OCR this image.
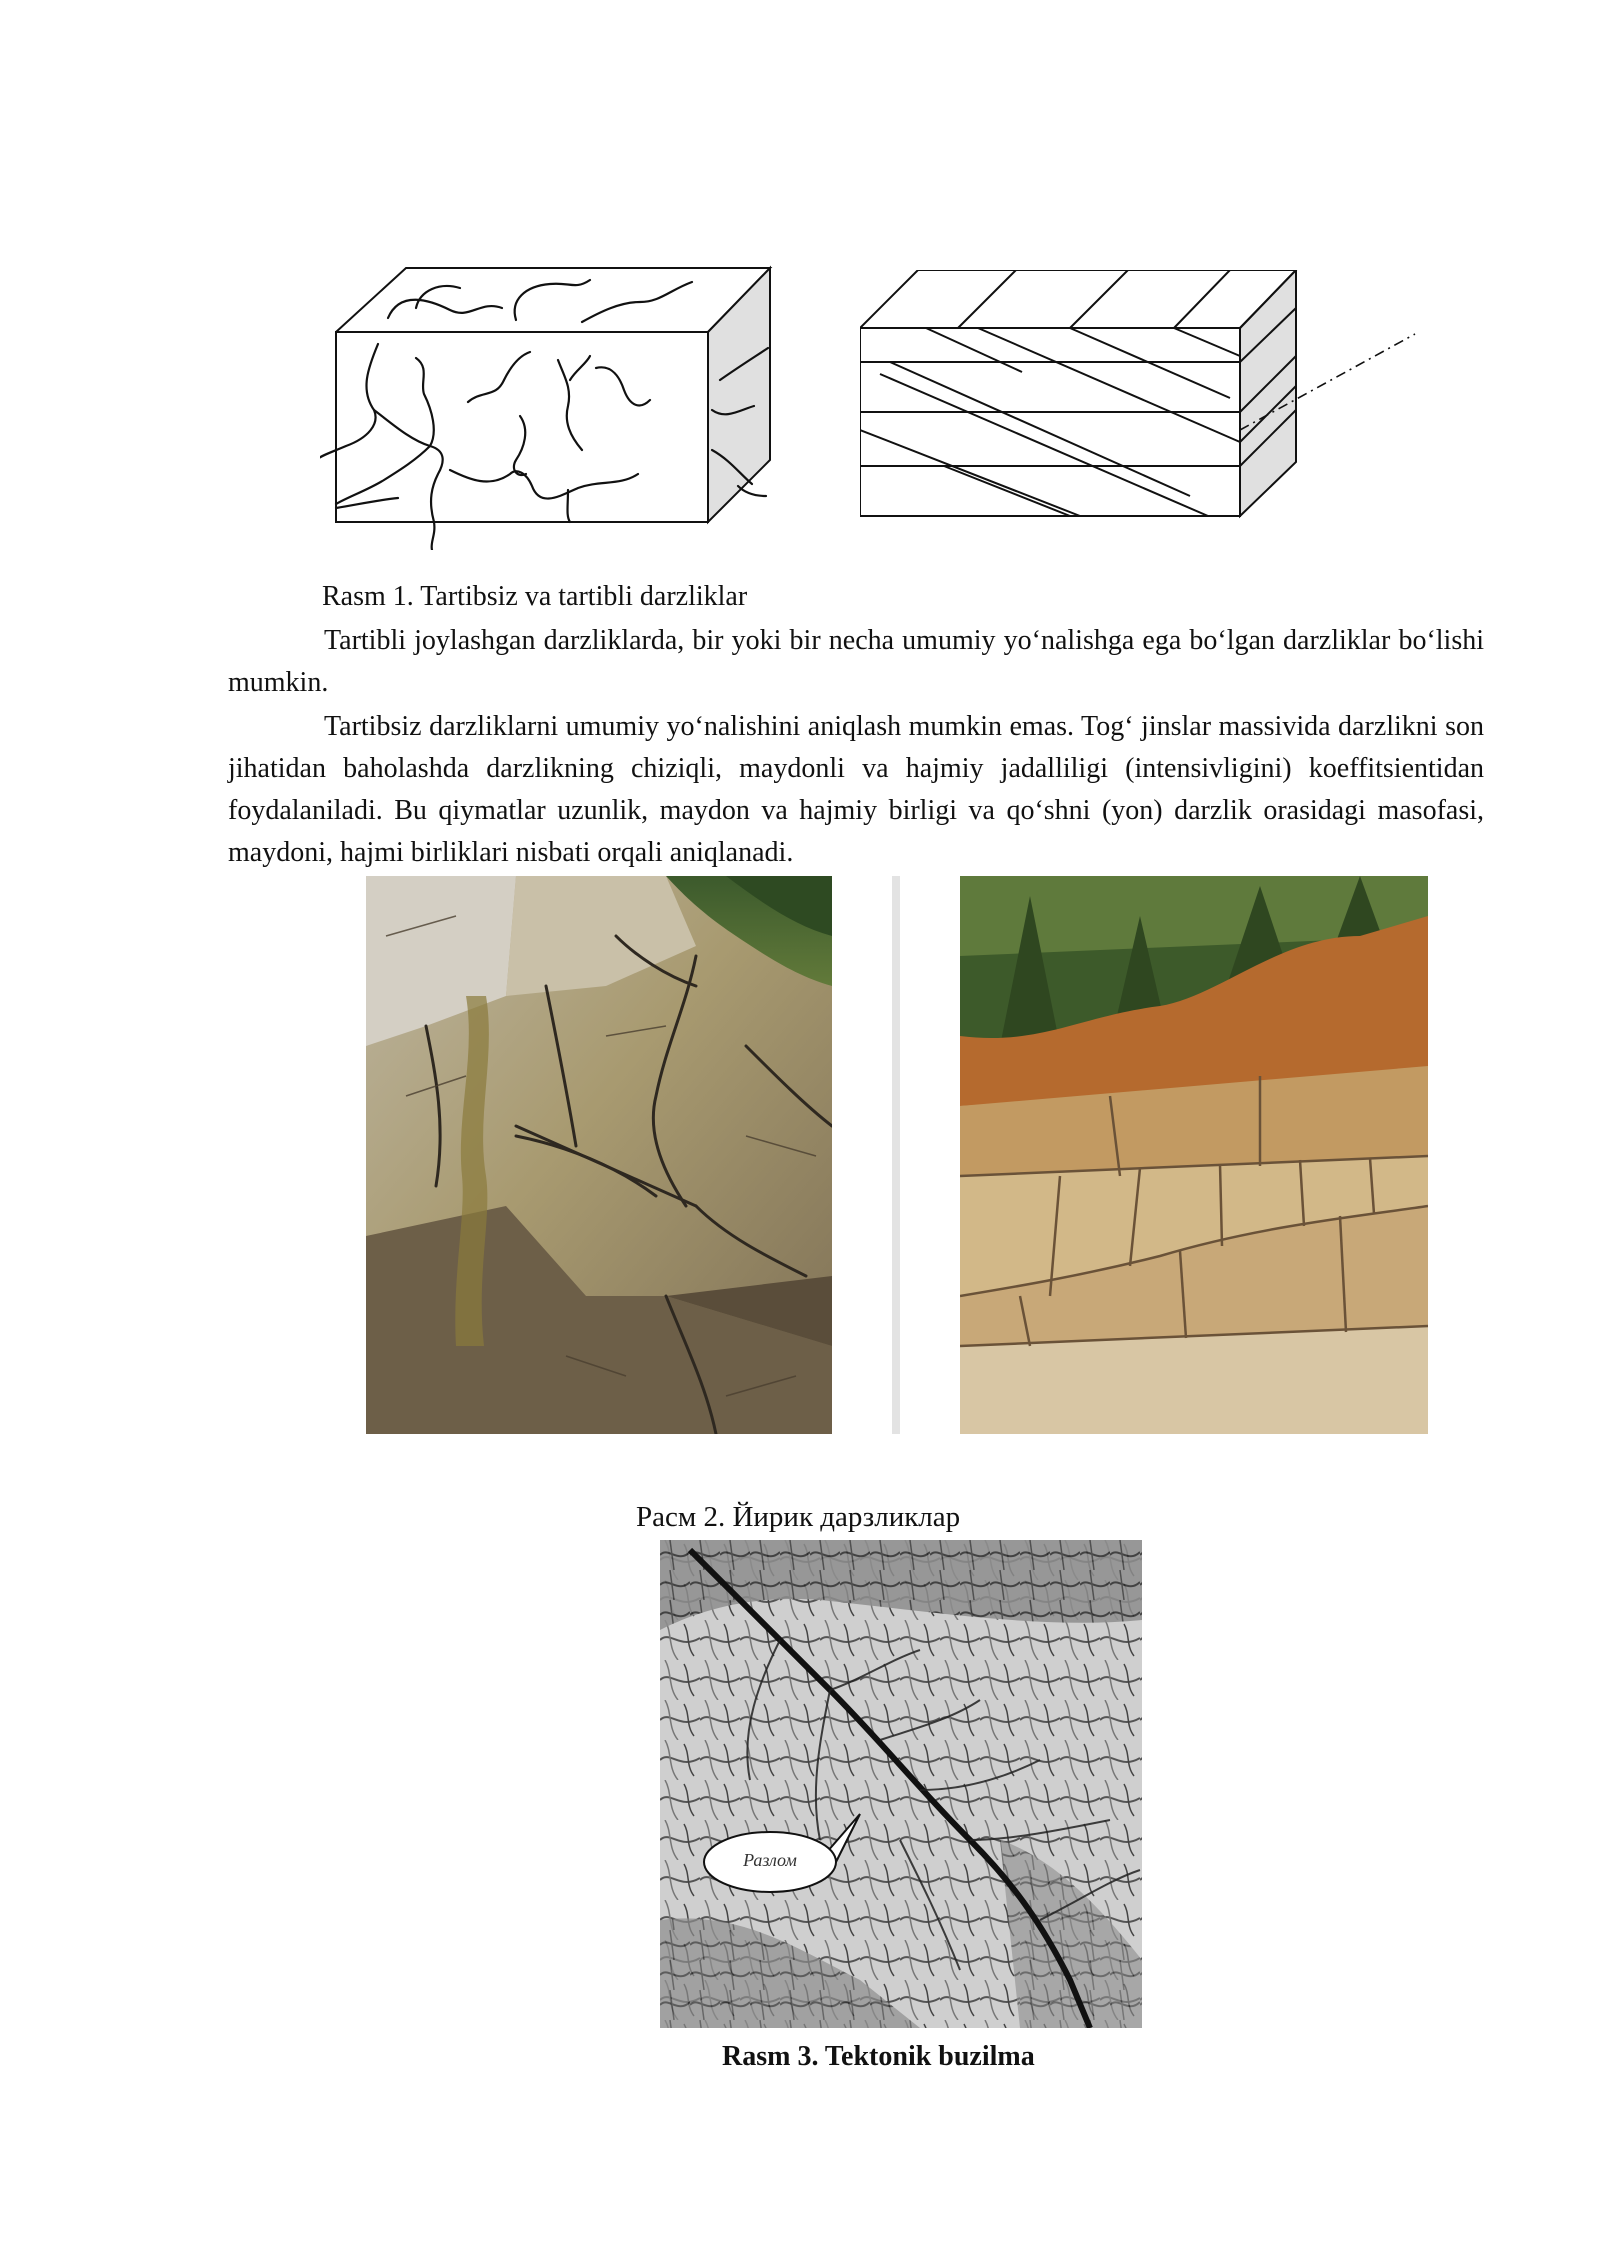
Rasm 1. Tartibsiz va tartibli darzliklar

Tartibli joylashgan darzliklarda, bir yoki bir necha umumiy yo‘nalishga ega bo‘lgan darzliklar bo‘lishi mumkin.

Tartibsiz darzliklarni umumiy yo‘nalishini aniqlash mumkin emas. Tog‘ jinslar massivida darzlikni son jihatidan baholashda darzlikning chiziqli, maydonli va hajmiy jadalliligi (intensivligini) koeffitsientidan foydalaniladi. Bu qiymatlar uzunlik, maydon va hajmiy birligi va qo‘shni (yon) darzlik orasidagi masofasi, maydoni, hajmi birliklari nisbati orqali aniqlanadi.

Расм 2. Йирик дарзликлар

Разлом

Rasm 3. Tektonik buzilma
